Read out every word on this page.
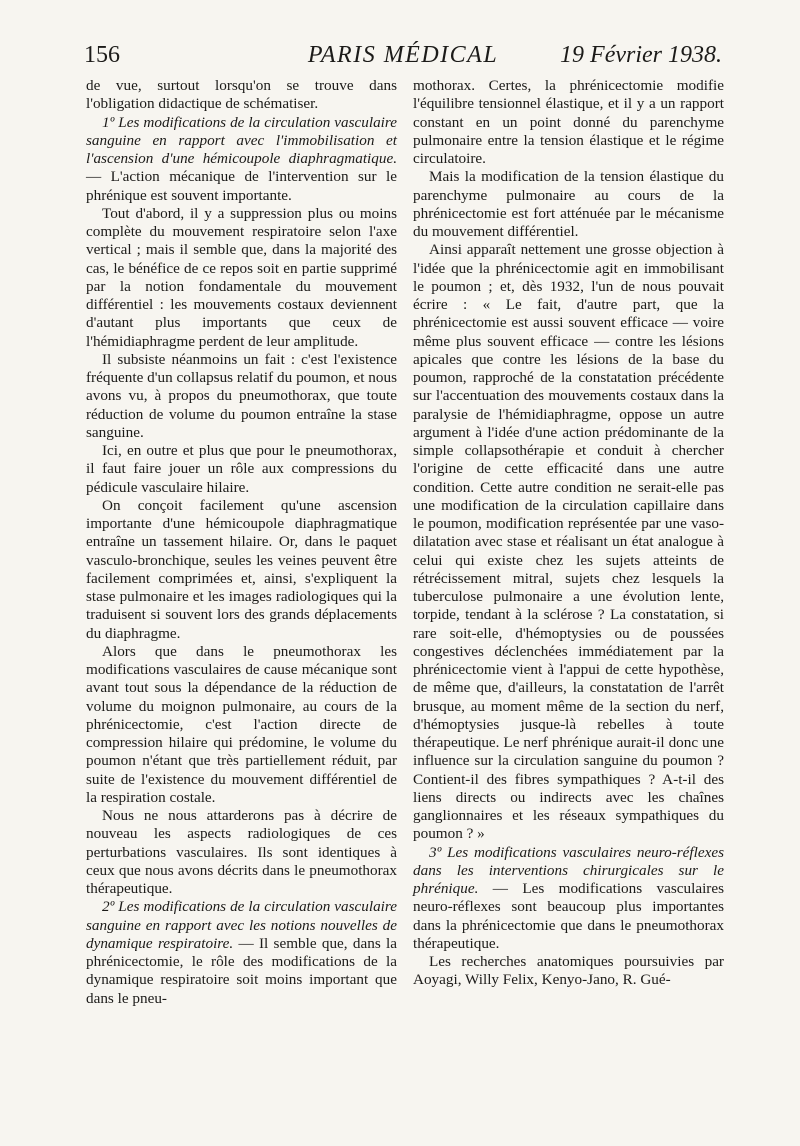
156	PARIS MÉDICAL	19 Février 1938.

de vue, surtout lorsqu'on se trouve dans l'obligation didactique de schématiser.

1º Les modifications de la circulation vasculaire sanguine en rapport avec l'immobilisation et l'ascension d'une hémicoupole diaphragmatique. — L'action mécanique de l'intervention sur le phrénique est souvent importante.

Tout d'abord, il y a suppression plus ou moins complète du mouvement respiratoire selon l'axe vertical ; mais il semble que, dans la majorité des cas, le bénéfice de ce repos soit en partie supprimé par la notion fondamentale du mouvement différentiel : les mouvements costaux deviennent d'autant plus importants que ceux de l'hémidiaphragme perdent de leur amplitude.

Il subsiste néanmoins un fait : c'est l'existence fréquente d'un collapsus relatif du poumon, et nous avons vu, à propos du pneumothorax, que toute réduction de volume du poumon entraîne la stase sanguine.

Ici, en outre et plus que pour le pneumothorax, il faut faire jouer un rôle aux compressions du pédicule vasculaire hilaire.

On conçoit facilement qu'une ascension importante d'une hémicoupole diaphragmatique entraîne un tassement hilaire. Or, dans le paquet vasculo-bronchique, seules les veines peuvent être facilement comprimées et, ainsi, s'expliquent la stase pulmonaire et les images radiologiques qui la traduisent si souvent lors des grands déplacements du diaphragme.

Alors que dans le pneumothorax les modifications vasculaires de cause mécanique sont avant tout sous la dépendance de la réduction de volume du moignon pulmonaire, au cours de la phrénicectomie, c'est l'action directe de compression hilaire qui prédomine, le volume du poumon n'étant que très partiellement réduit, par suite de l'existence du mouvement différentiel de la respiration costale.

Nous ne nous attarderons pas à décrire de nouveau les aspects radiologiques de ces perturbations vasculaires. Ils sont identiques à ceux que nous avons décrits dans le pneumothorax thérapeutique.

2º Les modifications de la circulation vasculaire sanguine en rapport avec les notions nouvelles de dynamique respiratoire. — Il semble que, dans la phrénicectomie, le rôle des modifications de la dynamique respiratoire soit moins important que dans le pneu-

mothorax. Certes, la phrénicectomie modifie l'équilibre tensionnel élastique, et il y a un rapport constant en un point donné du parenchyme pulmonaire entre la tension élastique et le régime circulatoire.

Mais la modification de la tension élastique du parenchyme pulmonaire au cours de la phrénicectomie est fort atténuée par le mécanisme du mouvement différentiel.

Ainsi apparaît nettement une grosse objection à l'idée que la phrénicectomie agit en immobilisant le poumon ; et, dès 1932, l'un de nous pouvait écrire : « Le fait, d'autre part, que la phrénicectomie est aussi souvent efficace — voire même plus souvent efficace — contre les lésions apicales que contre les lésions de la base du poumon, rapproché de la constatation précédente sur l'accentuation des mouvements costaux dans la paralysie de l'hémidiaphragme, oppose un autre argument à l'idée d'une action prédominante de la simple collapsothérapie et conduit à chercher l'origine de cette efficacité dans une autre condition. Cette autre condition ne serait-elle pas une modification de la circulation capillaire dans le poumon, modification représentée par une vaso-dilatation avec stase et réalisant un état analogue à celui qui existe chez les sujets atteints de rétrécissement mitral, sujets chez lesquels la tuberculose pulmonaire a une évolution lente, torpide, tendant à la sclérose ? La constatation, si rare soit-elle, d'hémoptysies ou de poussées congestives déclenchées immédiatement par la phrénicectomie vient à l'appui de cette hypothèse, de même que, d'ailleurs, la constatation de l'arrêt brusque, au moment même de la section du nerf, d'hémoptysies jusque-là rebelles à toute thérapeutique. Le nerf phrénique aurait-il donc une influence sur la circulation sanguine du poumon ? Contient-il des fibres sympathiques ? A-t-il des liens directs ou indirects avec les chaînes ganglionnaires et les réseaux sympathiques du poumon ? »

3º Les modifications vasculaires neuro-réflexes dans les interventions chirurgicales sur le phrénique. — Les modifications vasculaires neuro-réflexes sont beaucoup plus importantes dans la phrénicectomie que dans le pneumothorax thérapeutique.

Les recherches anatomiques poursuivies par Aoyagi, Willy Felix, Kenyo-Jano, R. Gué-
